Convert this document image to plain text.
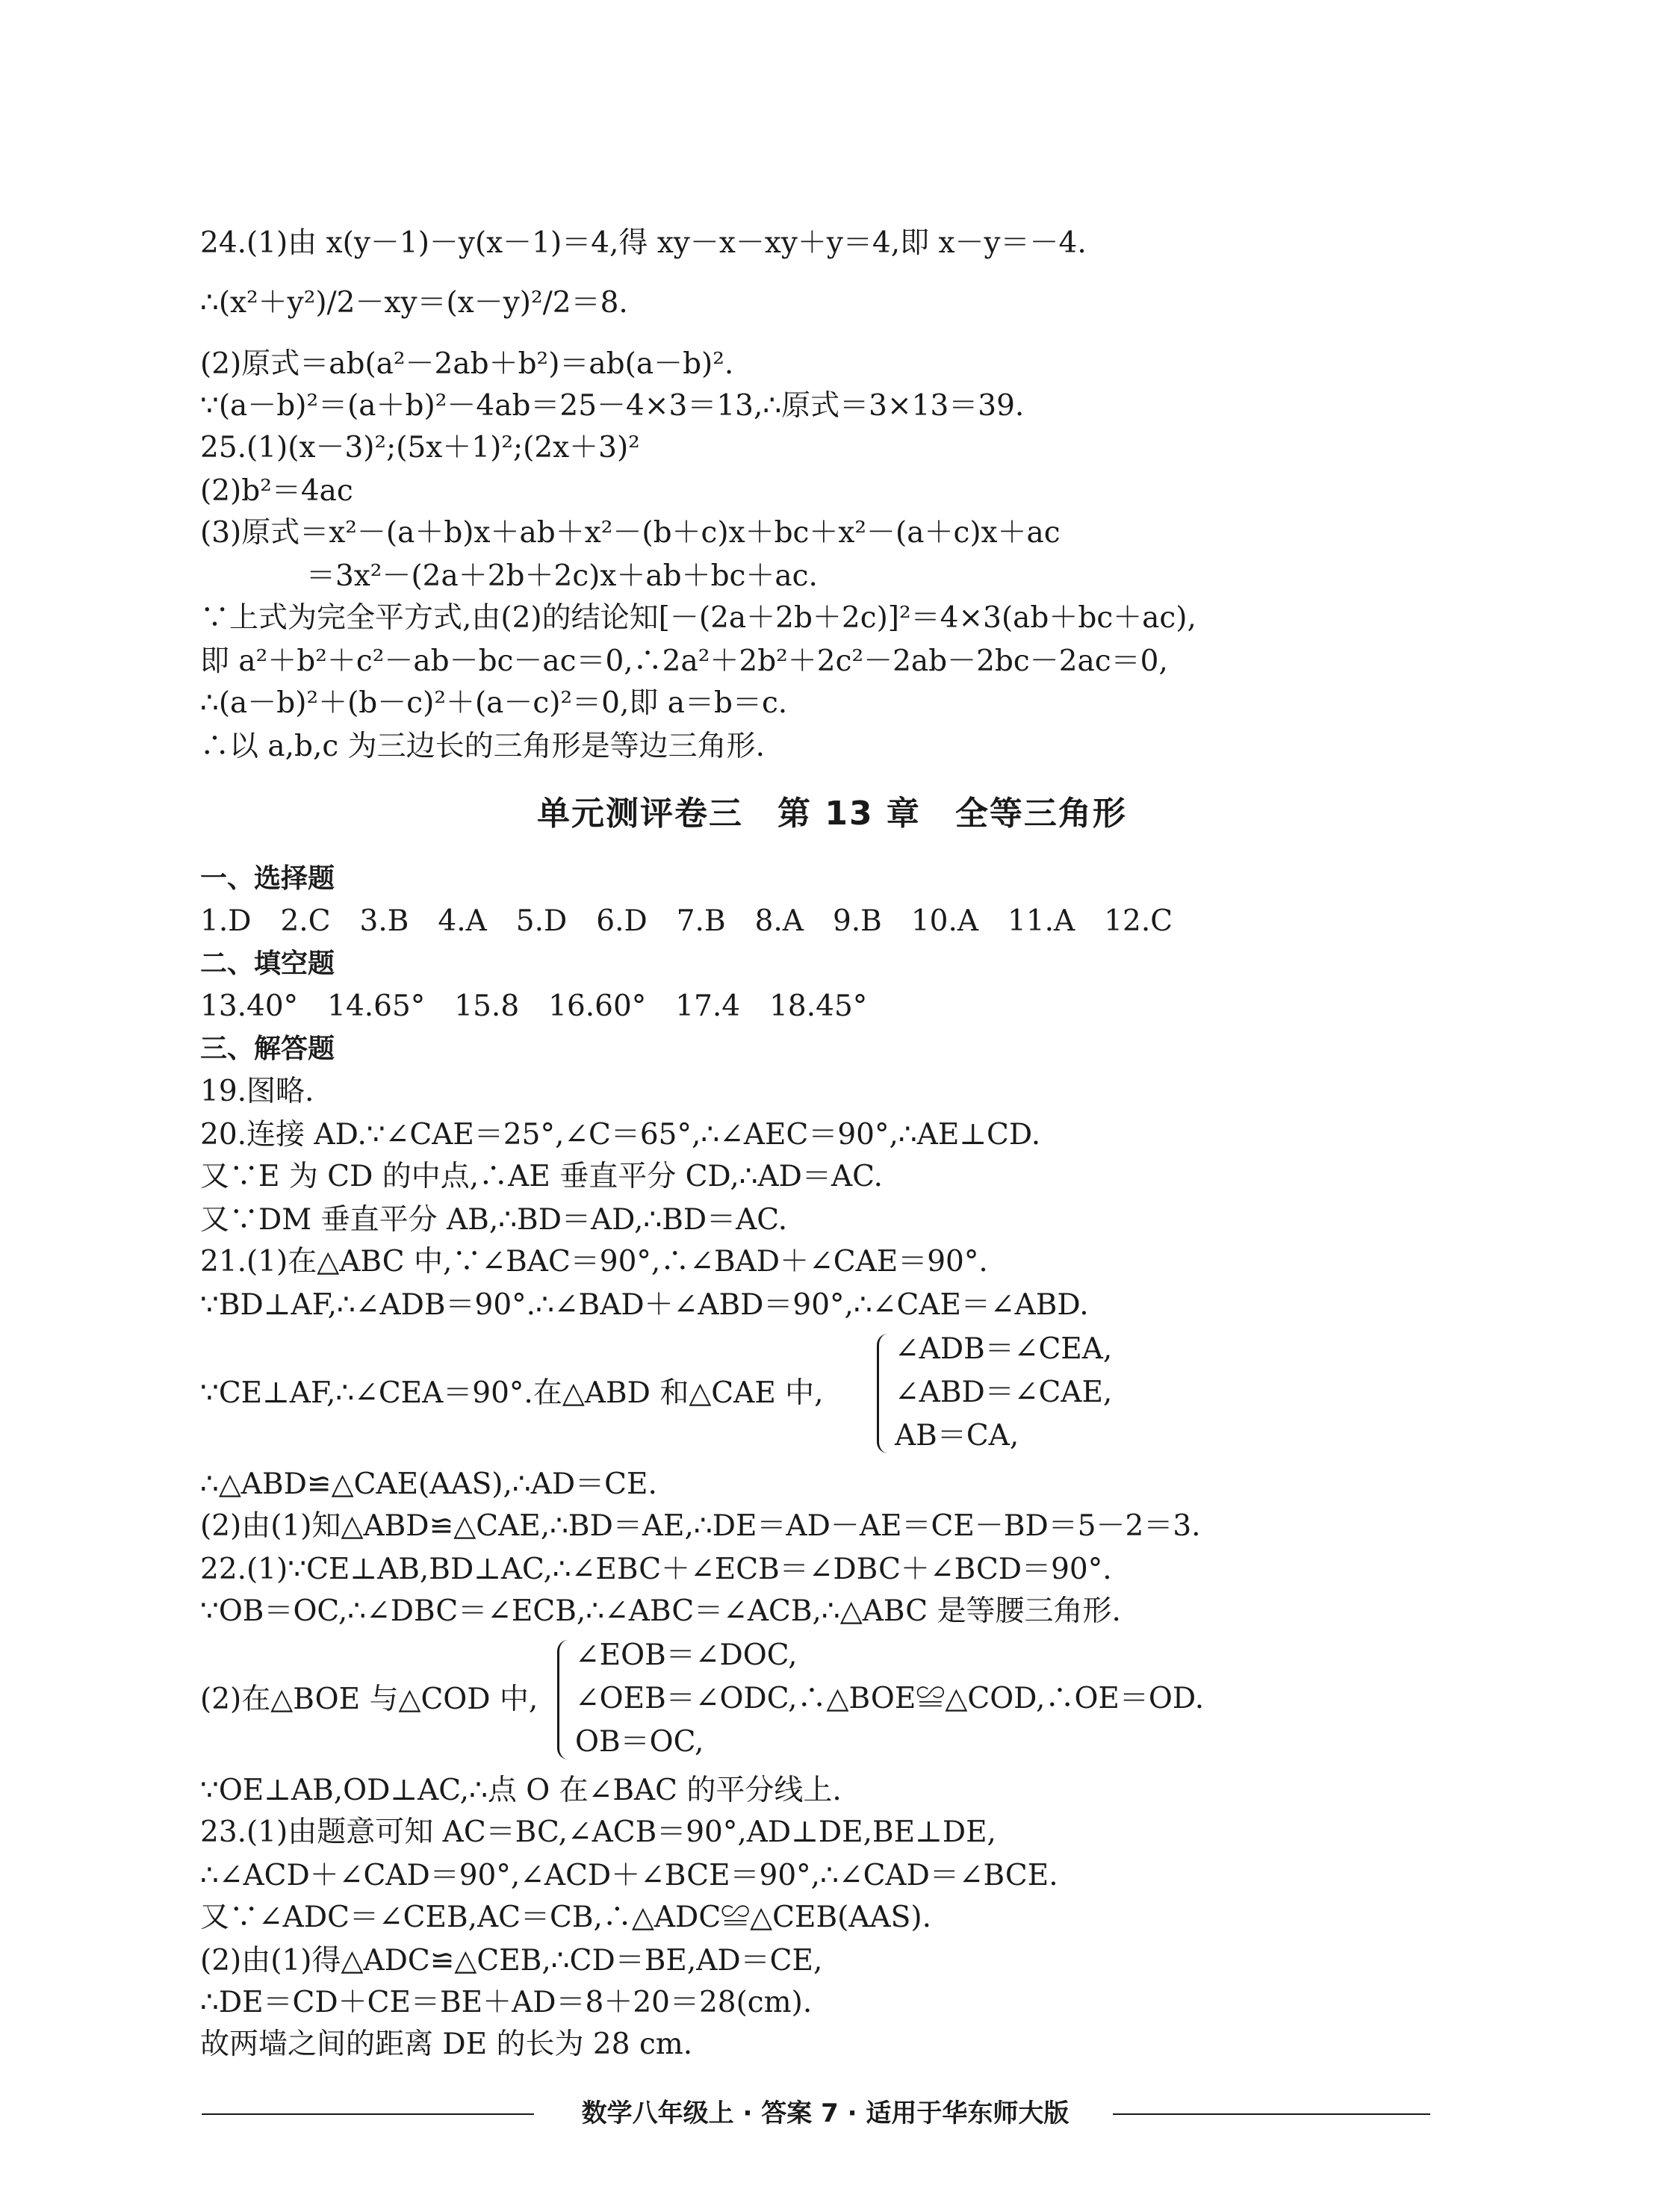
24.(1)由 x(y－1)－y(x－1)＝4,得 xy－x－xy＋y＝4,即 x－y＝－4.
∴(x²＋y²)/2－xy＝(x－y)²/2＝8.
(2)原式＝ab(a²－2ab＋b²)＝ab(a－b)².
∵(a－b)²＝(a＋b)²－4ab＝25－4×3＝13,∴原式＝3×13＝39.
25.(1)(x－3)²;(5x＋1)²;(2x＋3)²
(2)b²＝4ac
(3)原式＝x²－(a＋b)x＋ab＋x²－(b＋c)x＋bc＋x²－(a＋c)x＋ac
＝3x²－(2a＋2b＋2c)x＋ab＋bc＋ac.
∵上式为完全平方式,由(2)的结论知[－(2a＋2b＋2c)]²＝4×3(ab＋bc＋ac),
即 a²＋b²＋c²－ab－bc－ac＝0,∴2a²＋2b²＋2c²－2ab－2bc－2ac＝0,
∴(a－b)²＋(b－c)²＋(a－c)²＝0,即 a＝b＝c.
∴以 a,b,c 为三边长的三角形是等边三角形.
单元测评卷三　第 13 章　全等三角形
一、选择题
1.D　2.C　3.B　4.A　5.D　6.D　7.B　8.A　9.B　10.A　11.A　12.C
二、填空题
13.40°　14.65°　15.8　16.60°　17.4　18.45°
三、解答题
19.图略.
20.连接 AD.∵∠CAE＝25°,∠C＝65°,∴∠AEC＝90°,∴AE⊥CD.
又∵E 为 CD 的中点,∴AE 垂直平分 CD,∴AD＝AC.
又∵DM 垂直平分 AB,∴BD＝AD,∴BD＝AC.
21.(1)在△ABC 中,∵∠BAC＝90°,∴∠BAD＋∠CAE＝90°.
∵BD⊥AF,∴∠ADB＝90°.∴∠BAD＋∠ABD＝90°,∴∠CAE＝∠ABD.
∵CE⊥AF,∴∠CEA＝90°.在△ABD 和△CAE 中,
∠ADB＝∠CEA,
∠ABD＝∠CAE,
AB＝CA,
∴△ABD≌△CAE(AAS),∴AD＝CE.
(2)由(1)知△ABD≌△CAE,∴BD＝AE,∴DE＝AD－AE＝CE－BD＝5－2＝3.
22.(1)∵CE⊥AB,BD⊥AC,∴∠EBC＋∠ECB＝∠DBC＋∠BCD＝90°.
∵OB＝OC,∴∠DBC＝∠ECB,∴∠ABC＝∠ACB,∴△ABC 是等腰三角形.
(2)在△BOE 与△COD 中,
∠EOB＝∠DOC,
∠OEB＝∠ODC,∴△BOE≌△COD,∴OE＝OD.
OB＝OC,
∵OE⊥AB,OD⊥AC,∴点 O 在∠BAC 的平分线上.
23.(1)由题意可知 AC＝BC,∠ACB＝90°,AD⊥DE,BE⊥DE,
∴∠ACD＋∠CAD＝90°,∠ACD＋∠BCE＝90°,∴∠CAD＝∠BCE.
又∵∠ADC＝∠CEB,AC＝CB,∴△ADC≌△CEB(AAS).
(2)由(1)得△ADC≌△CEB,∴CD＝BE,AD＝CE,
∴DE＝CD＋CE＝BE＋AD＝8＋20＝28(cm).
故两墙之间的距离 DE 的长为 28 cm.
数学八年级上 · 答案 7 · 适用于华东师大版
